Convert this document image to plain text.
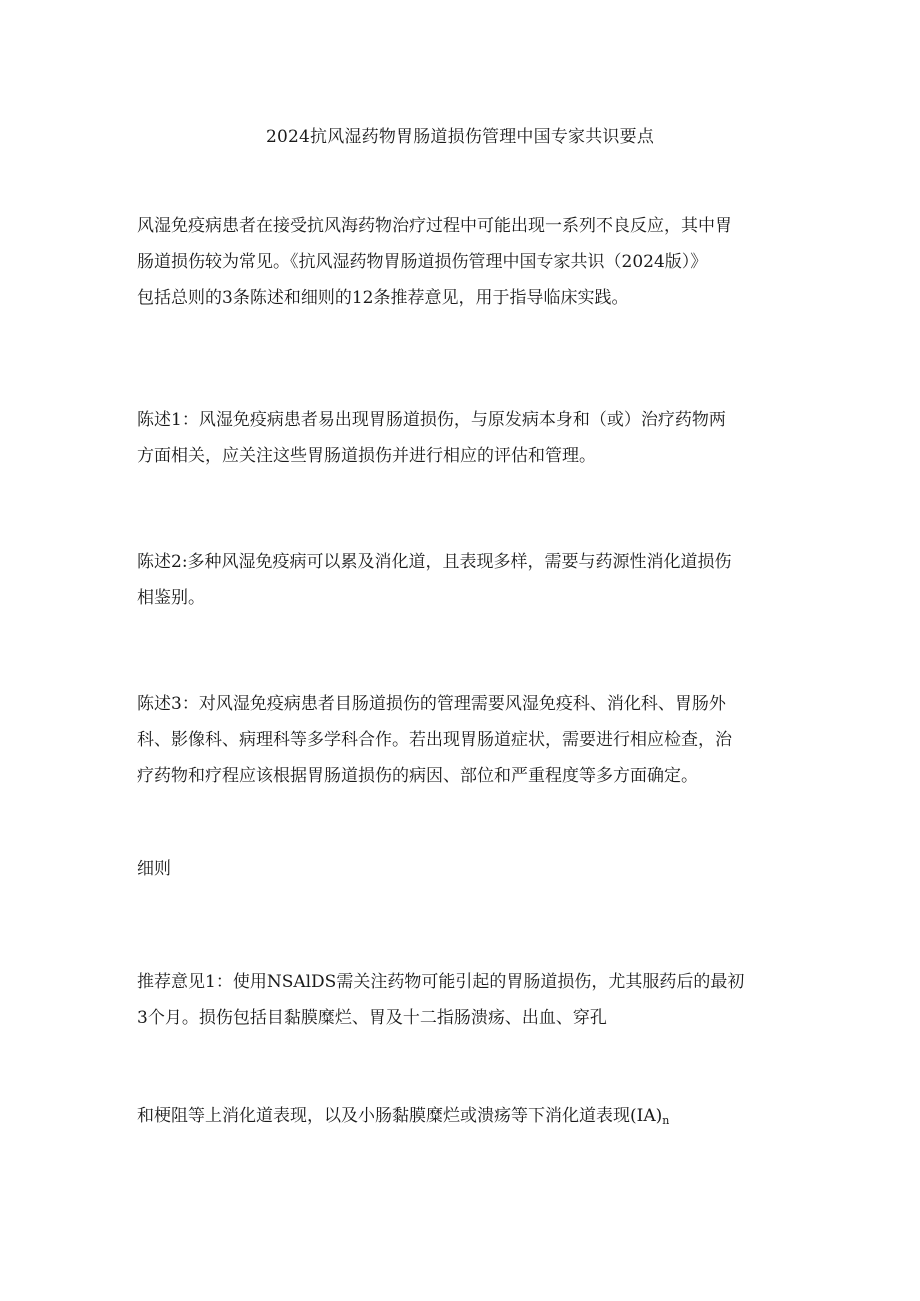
2024抗风湿药物胃肠道损伤管理中国专家共识要点
风湿免疫病患者在接受抗风海药物治疗过程中可能出现一系列不良反应，其中胃
肠道损伤较为常见。《抗风湿药物胃肠道损伤管理中国专家共识（2024版）》
包括总则的3条陈述和细则的12条推荐意见，用于指导临床实践。
陈述1：风湿免疫病患者易出现胃肠道损伤，与原发病本身和（或）治疗药物两
方面相关，应关注这些胃肠道损伤并进行相应的评估和管理。
陈述2:多种风湿免疫病可以累及消化道，且表现多样，需要与药源性消化道损伤
相鉴别。
陈述3：对风湿免疫病患者目肠道损伤的管理需要风湿免疫科、消化科、胃肠外
科、影像科、病理科等多学科合作。若出现胃肠道症状，需要进行相应检查，治
疗药物和疗程应该根据胃肠道损伤的病因、部位和严重程度等多方面确定。
细则
推荐意见1：使用NSAlDS需关注药物可能引起的胃肠道损伤，尤其服药后的最初
3个月。损伤包括目黏膜糜烂、胃及十二指肠溃疡、出血、穿孔
和梗阻等上消化道表现，以及小肠黏膜糜烂或溃疡等下消化道表现$(IA)_n$
